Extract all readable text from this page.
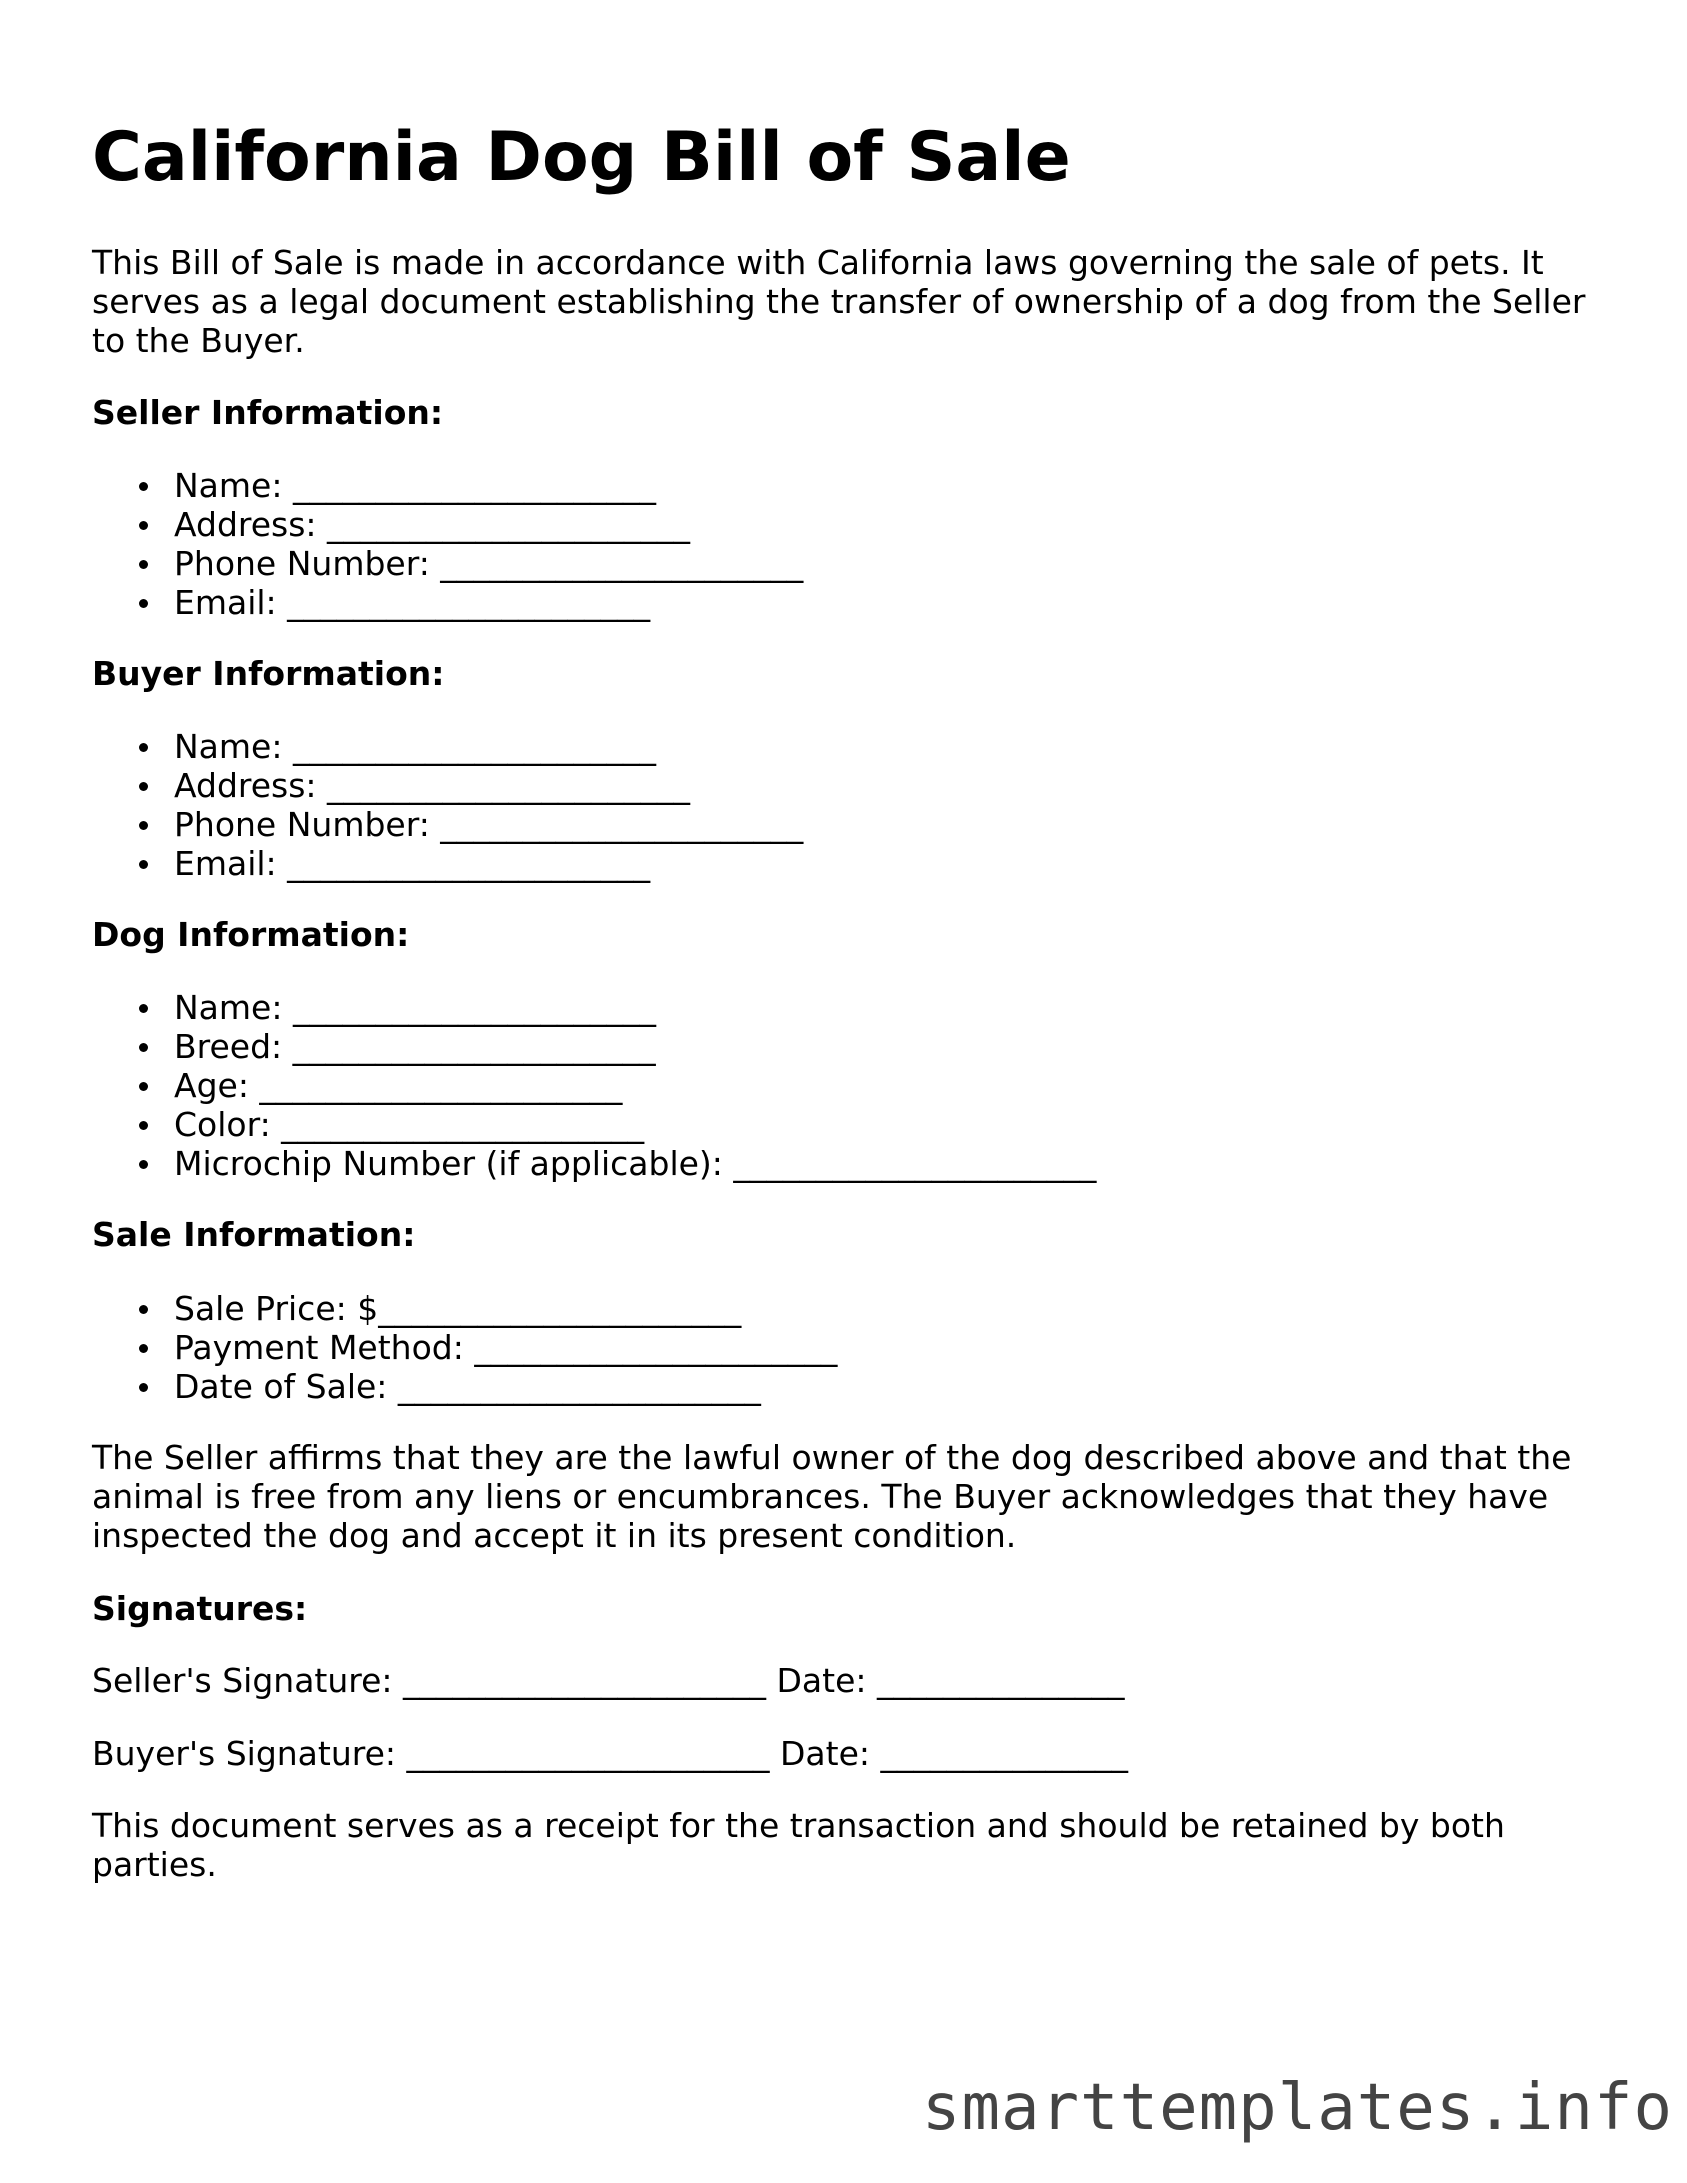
California Dog Bill of Sale

This Bill of Sale is made in accordance with California laws governing the sale of pets. It serves as a legal document establishing the transfer of ownership of a dog from the Seller to the Buyer.

Seller Information:

Name: ______________________
Address: ______________________
Phone Number: ______________________
Email: ______________________

Buyer Information:

Name: ______________________
Address: ______________________
Phone Number: ______________________
Email: ______________________

Dog Information:

Name: ______________________
Breed: ______________________
Age: ______________________
Color: ______________________
Microchip Number (if applicable): ______________________

Sale Information:

Sale Price: $______________________
Payment Method: ______________________
Date of Sale: ______________________

The Seller affirms that they are the lawful owner of the dog described above and that the animal is free from any liens or encumbrances. The Buyer acknowledges that they have inspected the dog and accept it in its present condition.

Signatures:

Seller's Signature: ______________________ Date: _______________

Buyer's Signature: ______________________ Date: _______________

This document serves as a receipt for the transaction and should be retained by both parties.

smarttemplates.info
